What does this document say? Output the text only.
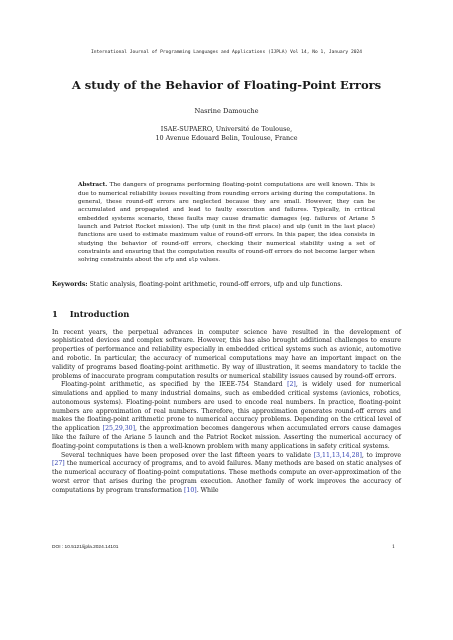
International Journal of Programming Languages and Applications (IJPLA) Vol 14, No 1, January 2024
A study of the Behavior of Floating-Point Errors
Nasrine Damouche
ISAE-SUPAERO, Université de Toulouse,
10 Avenue Edouard Belin, Toulouse, France
Abstract. The dangers of programs performing floating-point computations are well known. This is due to numerical reliability issues resulting from rounding errors arising during the computations. In general, these round-off errors are neglected because they are small. However, they can be accumulated and propagated and lead to faulty execution and failures. Typically, in critical embedded systems scenario, these faults may cause dramatic damages (eg. failures of Ariane 5 launch and Patriot Rocket mission). The ufp (unit in the first place) and ulp (unit in the last place) functions are used to estimate maximum value of round-off errors. In this paper, the idea consists in studying the behavior of round-off errors, checking their numerical stability using a set of constraints and ensuring that the computation results of round-off errors do not become larger when solving constraints about the ufp and ulp values.
Keywords: Static analysis, floating-point arithmetic, round-off errors, ufp and ulp functions.
1 Introduction

In recent years, the perpetual advances in computer science have resulted in the development of sophisticated devices and complex software. However, this has also brought additional challenges to ensure properties of performance and reliability especially in embedded critical systems such as avionic, automotive and robotic. In particular, the accuracy of numerical computations may have an important impact on the validity of programs based floating-point arithmetic. By way of illustration, it seems mandatory to tackle the problems of inaccurate program computation results or numerical stability issues caused by round-off errors.

Floating-point arithmetic, as specified by the IEEE-754 Standard [2], is widely used for numerical simulations and applied to many industrial domains, such as embedded critical systems (avionics, robotics, autonomous systems). Floating-point numbers are used to encode real numbers. In practice, floating-point numbers are approximation of real numbers. Therefore, this approximation generates round-off errors and makes the floating-point arithmetic prone to numerical accuracy problems. Depending on the critical level of the application [25,29,30], the approximation becomes dangerous when accumulated errors cause damages like the failure of the Ariane 5 launch and the Patriot Rocket mission. Asserting the numerical accuracy of floating-point computations is then a well-known problem with many applications in safety critical systems.

Several techniques have been proposed over the last fifteen years to validate [3,11,13,14,28], to improve [27] the numerical accuracy of programs, and to avoid failures. Many methods are based on static analyses of the numerical accuracy of floating-point computations. These methods compute an over-approximation of the worst error that arises during the program execution. Another family of work improves the accuracy of computations by program transformation [10]. While

DOI : 10.5121/ijpla.2024.14101	1
